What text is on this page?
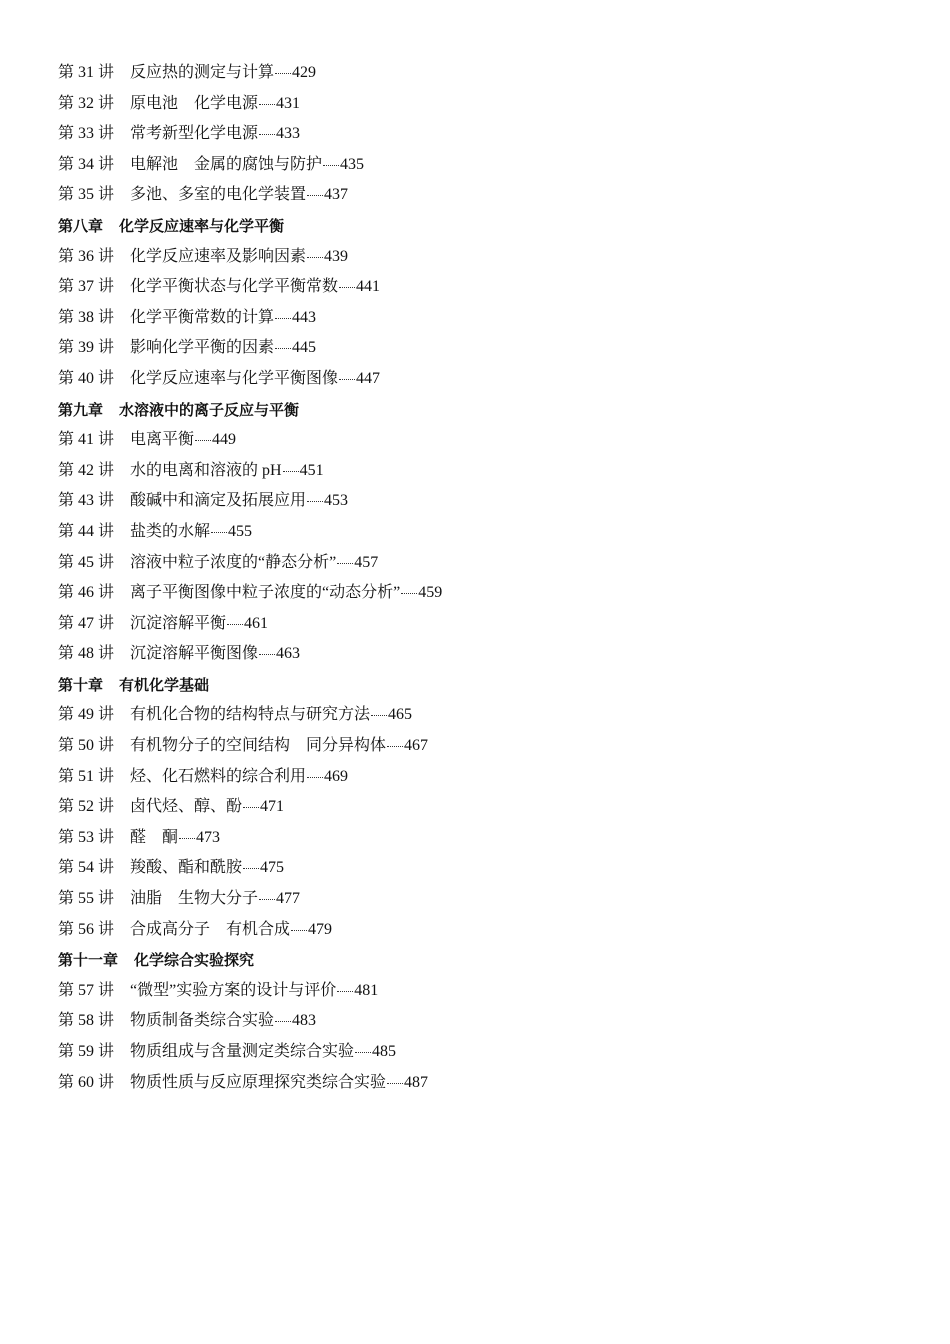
第 31 讲 反应热的测定与计算 429
第 32 讲 原电池　化学电源 431
第 33 讲 常考新型化学电源 433
第 34 讲 电解池　金属的腐蚀与防护 435
第 35 讲 多池、多室的电化学装置 437
第八章 化学反应速率与化学平衡
第 36 讲 化学反应速率及影响因素 439
第 37 讲 化学平衡状态与化学平衡常数 441
第 38 讲 化学平衡常数的计算 443
第 39 讲 影响化学平衡的因素 445
第 40 讲 化学反应速率与化学平衡图像 447
第九章 水溶液中的离子反应与平衡
第 41 讲 电离平衡 449
第 42 讲 水的电离和溶液的 pH 451
第 43 讲 酸碱中和滴定及拓展应用 453
第 44 讲 盐类的水解 455
第 45 讲 溶液中粒子浓度的“静态分析” 457
第 46 讲 离子平衡图像中粒子浓度的“动态分析” 459
第 47 讲 沉淀溶解平衡 461
第 48 讲 沉淀溶解平衡图像 463
第十章 有机化学基础
第 49 讲 有机化合物的结构特点与研究方法 465
第 50 讲 有机物分子的空间结构　同分异构体 467
第 51 讲 烃、化石燃料的综合利用 469
第 52 讲 卤代烃、醇、酚 471
第 53 讲 醛　酮 473
第 54 讲 羧酸、酯和酰胺 475
第 55 讲 油脂　生物大分子 477
第 56 讲 合成高分子　有机合成 479
第十一章 化学综合实验探究
第 57 讲 “微型”实验方案的设计与评价 481
第 58 讲 物质制备类综合实验 483
第 59 讲 物质组成与含量测定类综合实验 485
第 60 讲 物质性质与反应原理探究类综合实验 487
